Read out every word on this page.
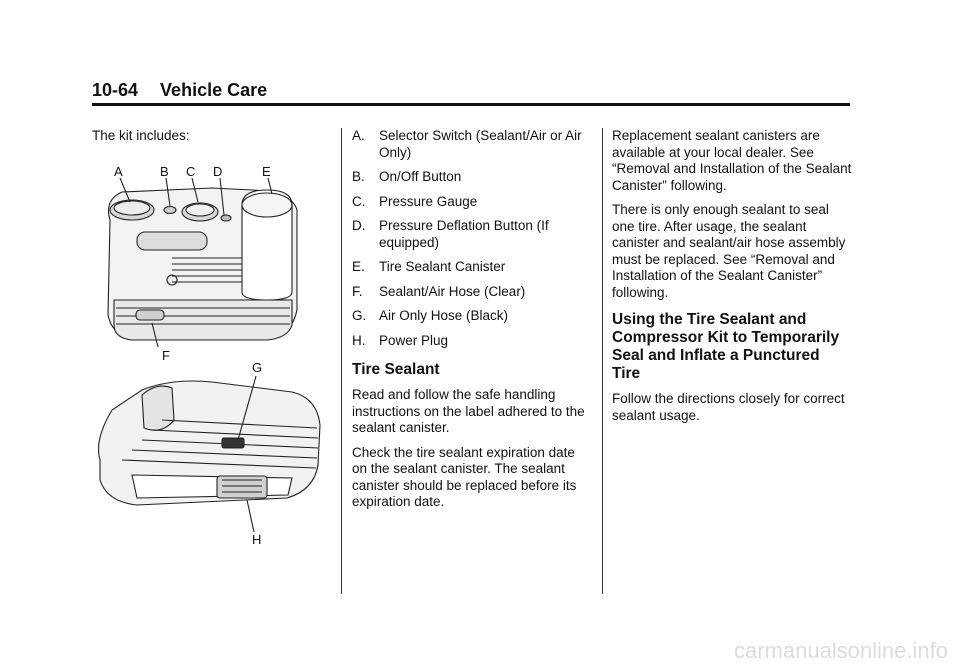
10-64 Vehicle Care

The kit includes:

A	B C D	E
F
G
H
A. Selector Switch (Sealant/Air or Air Only)
B. On/Off Button
C. Pressure Gauge
D. Pressure Deflation Button (If equipped)
E. Tire Sealant Canister
F. Sealant/Air Hose (Clear)
G. Air Only Hose (Black)
H. Power Plug
Tire Sealant

Read and follow the safe handling instructions on the label adhered to the sealant canister.

Check the tire sealant expiration date on the sealant canister. The sealant canister should be replaced before its expiration date.

Replacement sealant canisters are available at your local dealer. See “Removal and Installation of the Sealant Canister” following.

There is only enough sealant to seal one tire. After usage, the sealant canister and sealant/air hose assembly must be replaced. See “Removal and Installation of the Sealant Canister” following.

Using the Tire Sealant and Compressor Kit to Temporarily Seal and Inflate a Punctured Tire

Follow the directions closely for correct sealant usage.

carmanualsonline.info
